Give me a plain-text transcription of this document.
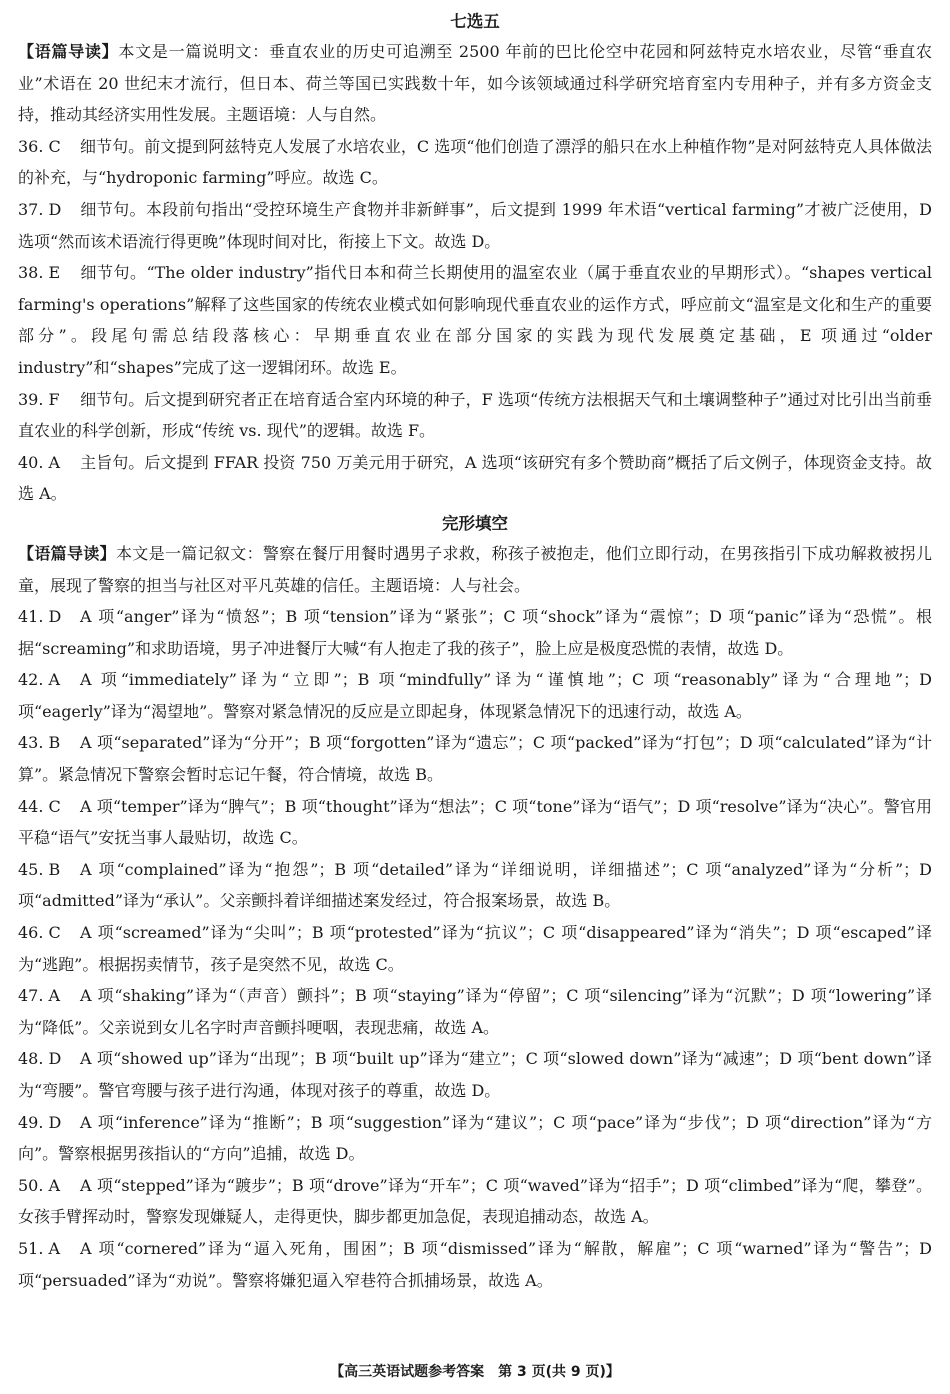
七选五

【语篇导读】本文是一篇说明文：垂直农业的历史可追溯至 2500 年前的巴比伦空中花园和阿兹特克水培农业，尽管“垂直农业”术语在 20 世纪末才流行，但日本、荷兰等国已实践数十年，如今该领域通过科学研究培育室内专用种子，并有多方资金支持，推动其经济实用性发展。主题语境：人与自然。

36. C 细节句。前文提到阿兹特克人发展了水培农业，C 选项“他们创造了漂浮的船只在水上种植作物”是对阿兹特克人具体做法的补充，与“hydroponic farming”呼应。故选 C。

37. D 细节句。本段前句指出“受控环境生产食物并非新鲜事”，后文提到 1999 年术语“vertical farming”才被广泛使用，D 选项“然而该术语流行得更晚”体现时间对比，衔接上下文。故选 D。

38. E 细节句。“The older industry”指代日本和荷兰长期使用的温室农业（属于垂直农业的早期形式）。“shapes vertical farming's operations”解释了这些国家的传统农业模式如何影响现代垂直农业的运作方式，呼应前文“温室是文化和生产的重要部分”。段尾句需总结段落核心：早期垂直农业在部分国家的实践为现代发展奠定基础，E 项通过“older industry”和“shapes”完成了这一逻辑闭环。故选 E。

39. F 细节句。后文提到研究者正在培育适合室内环境的种子，F 选项“传统方法根据天气和土壤调整种子”通过对比引出当前垂直农业的科学创新，形成“传统 vs. 现代”的逻辑。故选 F。

40. A 主旨句。后文提到 FFAR 投资 750 万美元用于研究，A 选项“该研究有多个赞助商”概括了后文例子，体现资金支持。故选 A。

完形填空

【语篇导读】本文是一篇记叙文：警察在餐厅用餐时遇男子求救，称孩子被抱走，他们立即行动，在男孩指引下成功解救被拐儿童，展现了警察的担当与社区对平凡英雄的信任。主题语境：人与社会。

41. D A 项“anger”译为“愤怒”；B 项“tension”译为“紧张”；C 项“shock”译为“震惊”；D 项“panic”译为“恐慌”。根据“screaming”和求助语境，男子冲进餐厅大喊“有人抱走了我的孩子”，脸上应是极度恐慌的表情，故选 D。

42. A A 项“immediately”译为“立即”；B 项“mindfully”译为“谨慎地”；C 项“reasonably”译为“合理地”；D 项“eagerly”译为“渴望地”。警察对紧急情况的反应是立即起身，体现紧急情况下的迅速行动，故选 A。

43. B A 项“separated”译为“分开”；B 项“forgotten”译为“遗忘”；C 项“packed”译为“打包”；D 项“calculated”译为“计算”。紧急情况下警察会暂时忘记午餐，符合情境，故选 B。

44. C A 项“temper”译为“脾气”；B 项“thought”译为“想法”；C 项“tone”译为“语气”；D 项“resolve”译为“决心”。警官用平稳“语气”安抚当事人最贴切，故选 C。

45. B A 项“complained”译为“抱怨”；B 项“detailed”译为“详细说明，详细描述”；C 项“analyzed”译为“分析”；D 项“admitted”译为“承认”。父亲颤抖着详细描述案发经过，符合报案场景，故选 B。

46. C A 项“screamed”译为“尖叫”；B 项“protested”译为“抗议”；C 项“disappeared”译为“消失”；D 项“escaped”译为“逃跑”。根据拐卖情节，孩子是突然不见，故选 C。

47. A A 项“shaking”译为“（声音）颤抖”；B 项“staying”译为“停留”；C 项“silencing”译为“沉默”；D 项“lowering”译为“降低”。父亲说到女儿名字时声音颤抖哽咽，表现悲痛，故选 A。

48. D A 项“showed up”译为“出现”；B 项“built up”译为“建立”；C 项“slowed down”译为“减速”；D 项“bent down”译为“弯腰”。警官弯腰与孩子进行沟通，体现对孩子的尊重，故选 D。

49. D A 项“inference”译为“推断”；B 项“suggestion”译为“建议”；C 项“pace”译为“步伐”；D 项“direction”译为“方向”。警察根据男孩指认的“方向”追捕，故选 D。

50. A A 项“stepped”译为“踱步”；B 项“drove”译为“开车”；C 项“waved”译为“招手”；D 项“climbed”译为“爬，攀登”。女孩手臂挥动时，警察发现嫌疑人，走得更快，脚步都更加急促，表现追捕动态，故选 A。

51. A A 项“cornered”译为“逼入死角，围困”；B 项“dismissed”译为“解散，解雇”；C 项“warned”译为“警告”；D 项“persuaded”译为“劝说”。警察将嫌犯逼入窄巷符合抓捕场景，故选 A。

【高三英语试题参考答案　第 3 页(共 9 页)】
